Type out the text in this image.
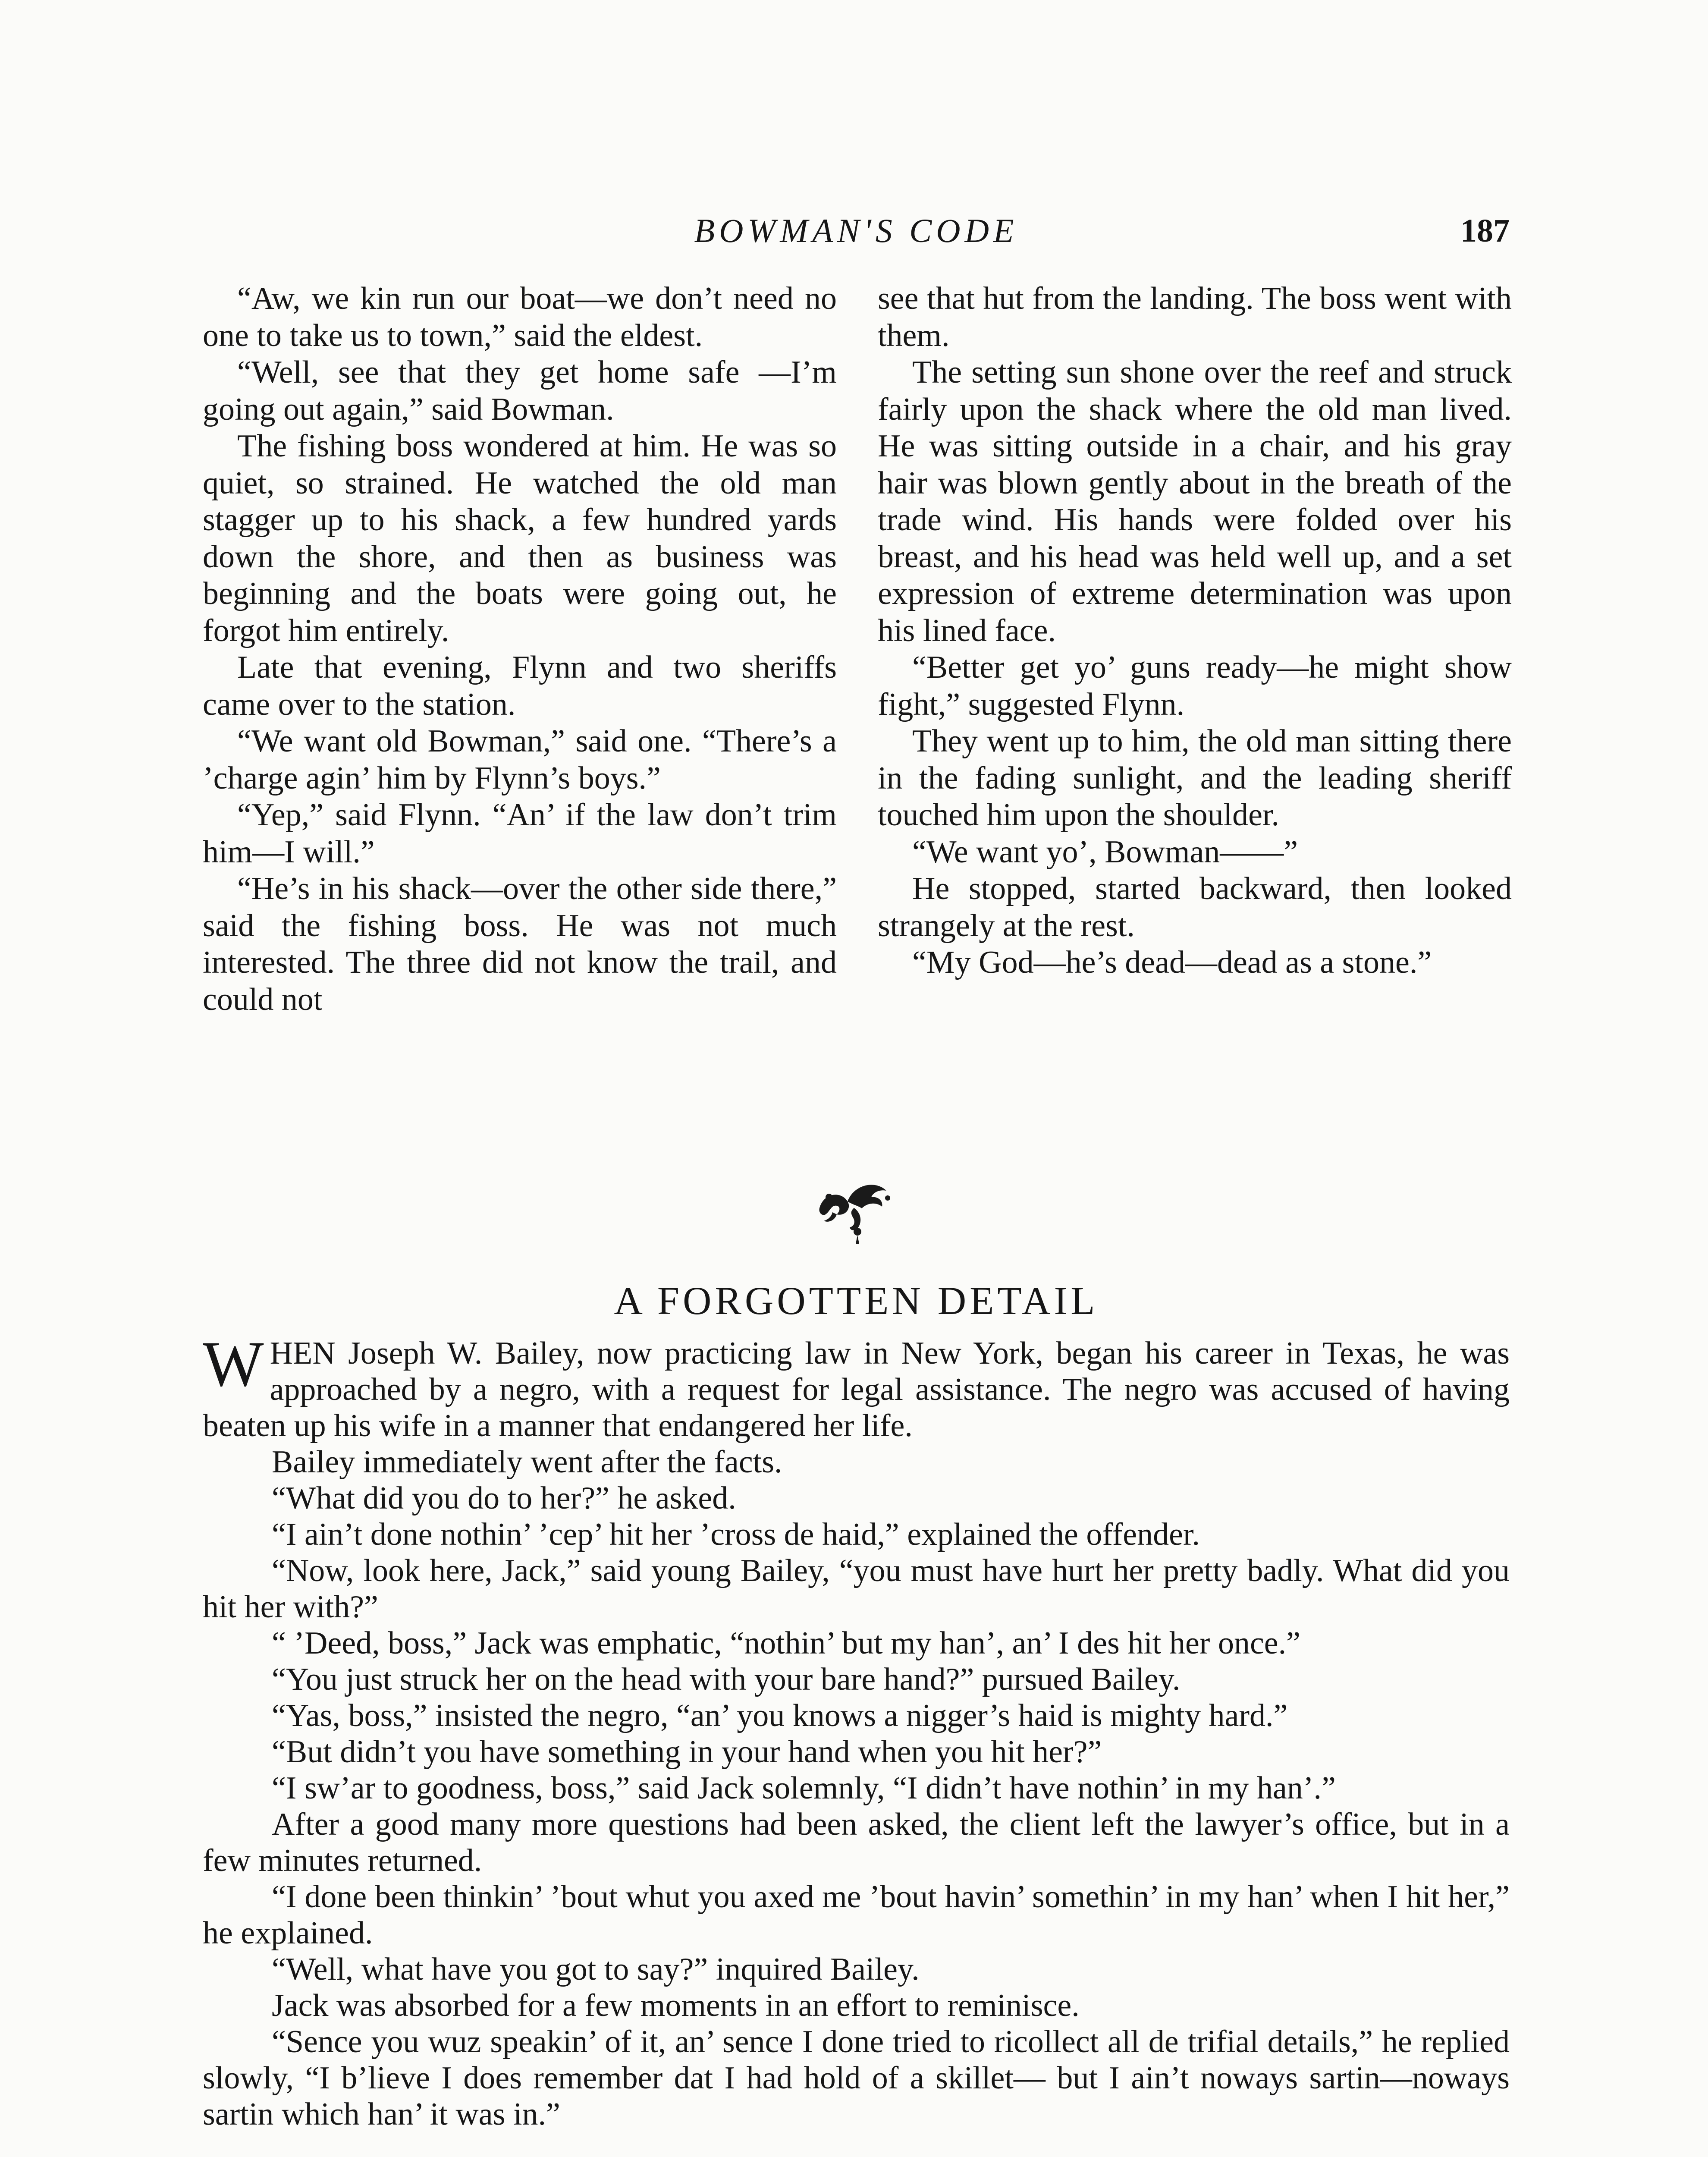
BOWMAN'S CODE	187

“Aw, we kin run our boat—we don’t need no one to take us to town,” said the eldest.

“Well, see that they get home safe —I’m going out again,” said Bowman.

The fishing boss wondered at him. He was so quiet, so strained. He watched the old man stagger up to his shack, a few hundred yards down the shore, and then as business was beginning and the boats were going out, he forgot him entirely.

Late that evening, Flynn and two sheriffs came over to the station.

“We want old Bowman,” said one. “There’s a ’charge agin’ him by Flynn’s boys.”

“Yep,” said Flynn. “An’ if the law don’t trim him—I will.”

“He’s in his shack—over the other side there,” said the fishing boss. He was not much interested. The three did not know the trail, and could not

see that hut from the landing. The boss went with them.

The setting sun shone over the reef and struck fairly upon the shack where the old man lived. He was sitting outside in a chair, and his gray hair was blown gently about in the breath of the trade wind. His hands were folded over his breast, and his head was held well up, and a set expression of extreme determination was upon his lined face.

“Better get yo’ guns ready—he might show fight,” suggested Flynn.

They went up to him, the old man sitting there in the fading sunlight, and the leading sheriff touched him upon the shoulder.

“We want yo’, Bowman——”

He stopped, started backward, then looked strangely at the rest.

“My God—he’s dead—dead as a stone.”

A FORGOTTEN DETAIL

WHEN Joseph W. Bailey, now practicing law in New York, began his career in Texas, he was approached by a negro, with a request for legal assistance. The negro was accused of having beaten up his wife in a manner that endangered her life.

Bailey immediately went after the facts.

“What did you do to her?” he asked.

“I ain’t done nothin’ ’cep’ hit her ’cross de haid,” explained the offender.

“Now, look here, Jack,” said young Bailey, “you must have hurt her pretty badly. What did you hit her with?”

“ ’Deed, boss,” Jack was emphatic, “nothin’ but my han’, an’ I des hit her once.”

“You just struck her on the head with your bare hand?” pursued Bailey.

“Yas, boss,” insisted the negro, “an’ you knows a nigger’s haid is mighty hard.”

“But didn’t you have something in your hand when you hit her?”

“I sw’ar to goodness, boss,” said Jack solemnly, “I didn’t have nothin’ in my han’.”

After a good many more questions had been asked, the client left the lawyer’s office, but in a few minutes returned.

“I done been thinkin’ ’bout whut you axed me ’bout havin’ somethin’ in my han’ when I hit her,” he explained.

“Well, what have you got to say?” inquired Bailey.

Jack was absorbed for a few moments in an effort to reminisce.

“Sence you wuz speakin’ of it, an’ sence I done tried to ricollect all de trifial details,” he replied slowly, “I b’lieve I does remember dat I had hold of a skillet— but I ain’t noways sartin—noways sartin which han’ it was in.”
